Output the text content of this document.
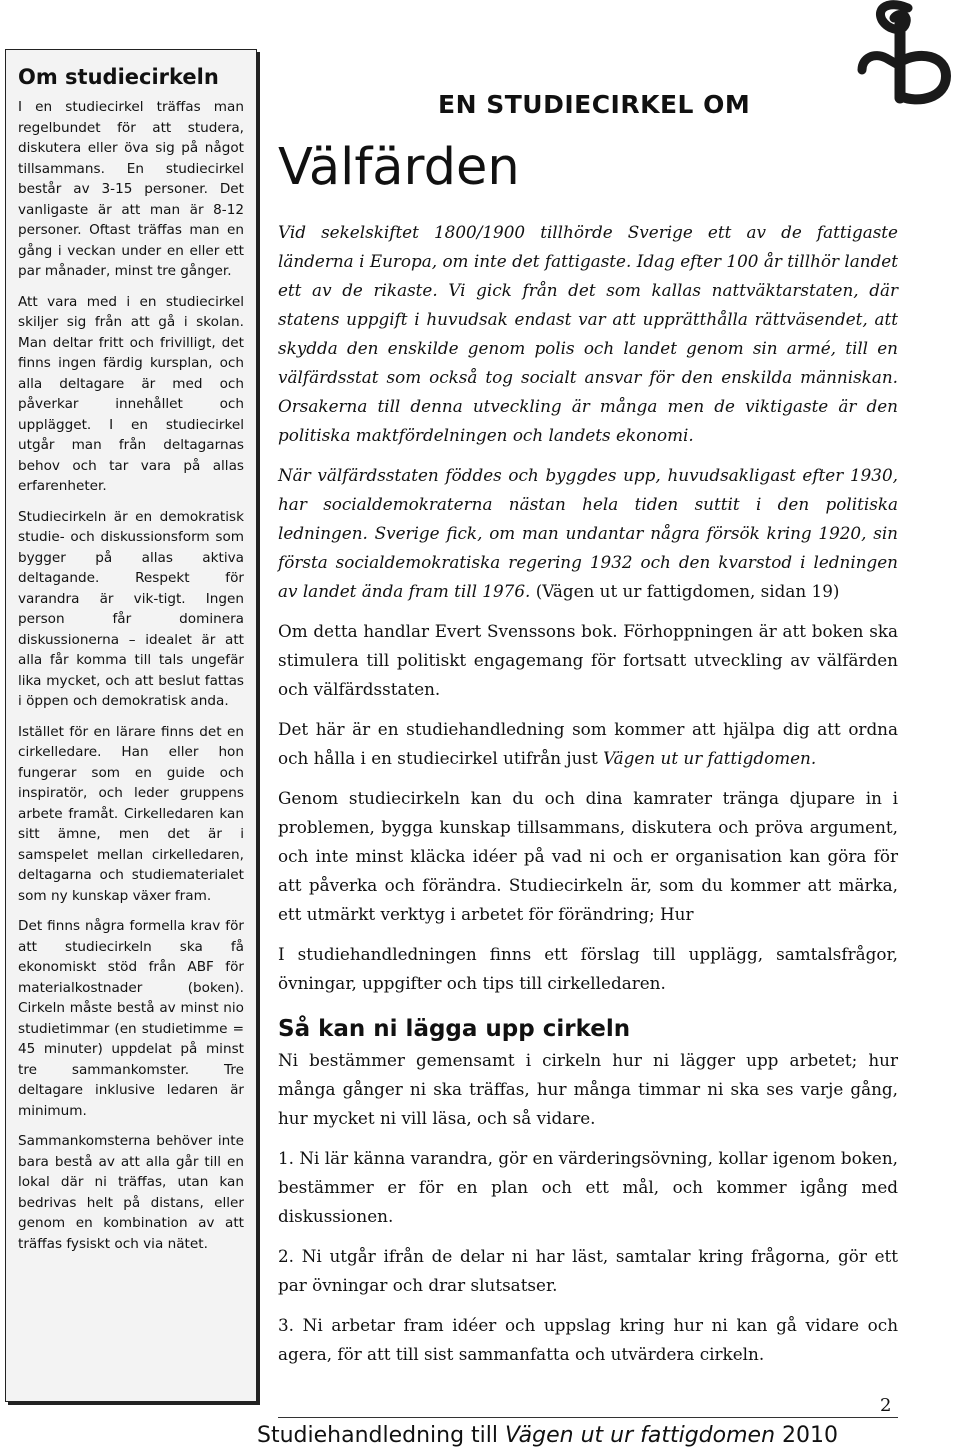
Om studiecirkeln

I en studiecirkel träffas man regelbundet för att studera, diskutera eller öva sig på något tillsammans. En studiecirkel består av 3-15 personer. Det vanligaste är att man är 8-12 personer. Oftast träffas man en gång i veckan under en eller ett par månader, minst tre gånger.

Att vara med i en studiecirkel skiljer sig från att gå i skolan. Man deltar fritt och frivilligt, det finns ingen färdig kursplan, och alla deltagare är med och påverkar innehållet och upplägget. I en studiecirkel utgår man från deltagarnas behov och tar vara på allas erfarenheter.

Studiecirkeln är en demokratisk studie- och diskussionsform som bygger på allas aktiva deltagande. Respekt för varandra är vik-tigt. Ingen person får dominera diskussionerna – idealet är att alla får komma till tals ungefär lika mycket, och att beslut fattas i öppen och demokratisk anda.

Istället för en lärare finns det en cirkelledare. Han eller hon fungerar som en guide och inspiratör, och leder gruppens arbete framåt. Cirkelledaren kan sitt ämne, men det är i samspelet mellan cirkelledaren, deltagarna och studiematerialet som ny kunskap växer fram.

Det finns några formella krav för att studiecirkeln ska få ekonomiskt stöd från ABF för materialkostnader (boken). Cirkeln måste bestå av minst nio studietimmar (en studietimme = 45 minuter) uppdelat på minst tre sammankomster. Tre deltagare inklusive ledaren är minimum.

Sammankomsterna behöver inte bara bestå av att alla går till en lokal där ni träffas, utan kan bedrivas helt på distans, eller genom en kombination av att träffas fysiskt och via nätet.

EN STUDIECIRKEL OM
Välfärden

Vid sekelskiftet 1800/1900 tillhörde Sverige ett av de fattigaste länderna i Europa, om inte det fattigaste. Idag efter 100 år tillhör landet ett av de rikaste. Vi gick från det som kallas nattväktarstaten, där statens uppgift i huvudsak endast var att upprätthålla rättväsendet, att skydda den enskilde genom polis och landet genom sin armé, till en välfärdsstat som också tog socialt ansvar för den enskilda människan. Orsakerna till denna utveckling är många men de viktigaste är den politiska maktfördelningen och landets ekonomi.

När välfärdsstaten föddes och byggdes upp, huvudsakligast efter 1930, har socialdemokraterna nästan hela tiden suttit i den politiska ledningen. Sverige fick, om man undantar några försök kring 1920, sin första socialdemokratiska regering 1932 och den kvarstod i ledningen av landet ända fram till 1976. (Vägen ut ur fattigdomen, sidan 19)

Om detta handlar Evert Svenssons bok. Förhoppningen är att boken ska stimulera till politiskt engagemang för fortsatt utveckling av välfärden och välfärdsstaten.

Det här är en studiehandledning som kommer att hjälpa dig att ordna och hålla i en studiecirkel utifrån just Vägen ut ur fattigdomen.

Genom studiecirkeln kan du och dina kamrater tränga djupare in i problemen, bygga kunskap tillsammans, diskutera och pröva argument, och inte minst kläcka idéer på vad ni och er organisation kan göra för att påverka och förändra. Studiecirkeln är, som du kommer att märka, ett utmärkt verktyg i arbetet för förändring; Hur

I studiehandledningen finns ett förslag till upplägg, samtalsfrågor, övningar, uppgifter och tips till cirkelledaren.

Så kan ni lägga upp cirkeln

Ni bestämmer gemensamt i cirkeln hur ni lägger upp arbetet; hur många gånger ni ska träffas, hur många timmar ni ska ses varje gång, hur mycket ni vill läsa, och så vidare.

1. Ni lär känna varandra, gör en värderingsövning, kollar igenom boken, bestämmer er för en plan och ett mål, och kommer igång med diskussionen.

2. Ni utgår ifrån de delar ni har läst, samtalar kring frågorna, gör ett par övningar och drar slutsatser.

3. Ni arbetar fram idéer och uppslag kring hur ni kan gå vidare och agera, för att till sist sammanfatta och utvärdera cirkeln.

2
Studiehandledning till Vägen ut ur fattigdomen 2010
